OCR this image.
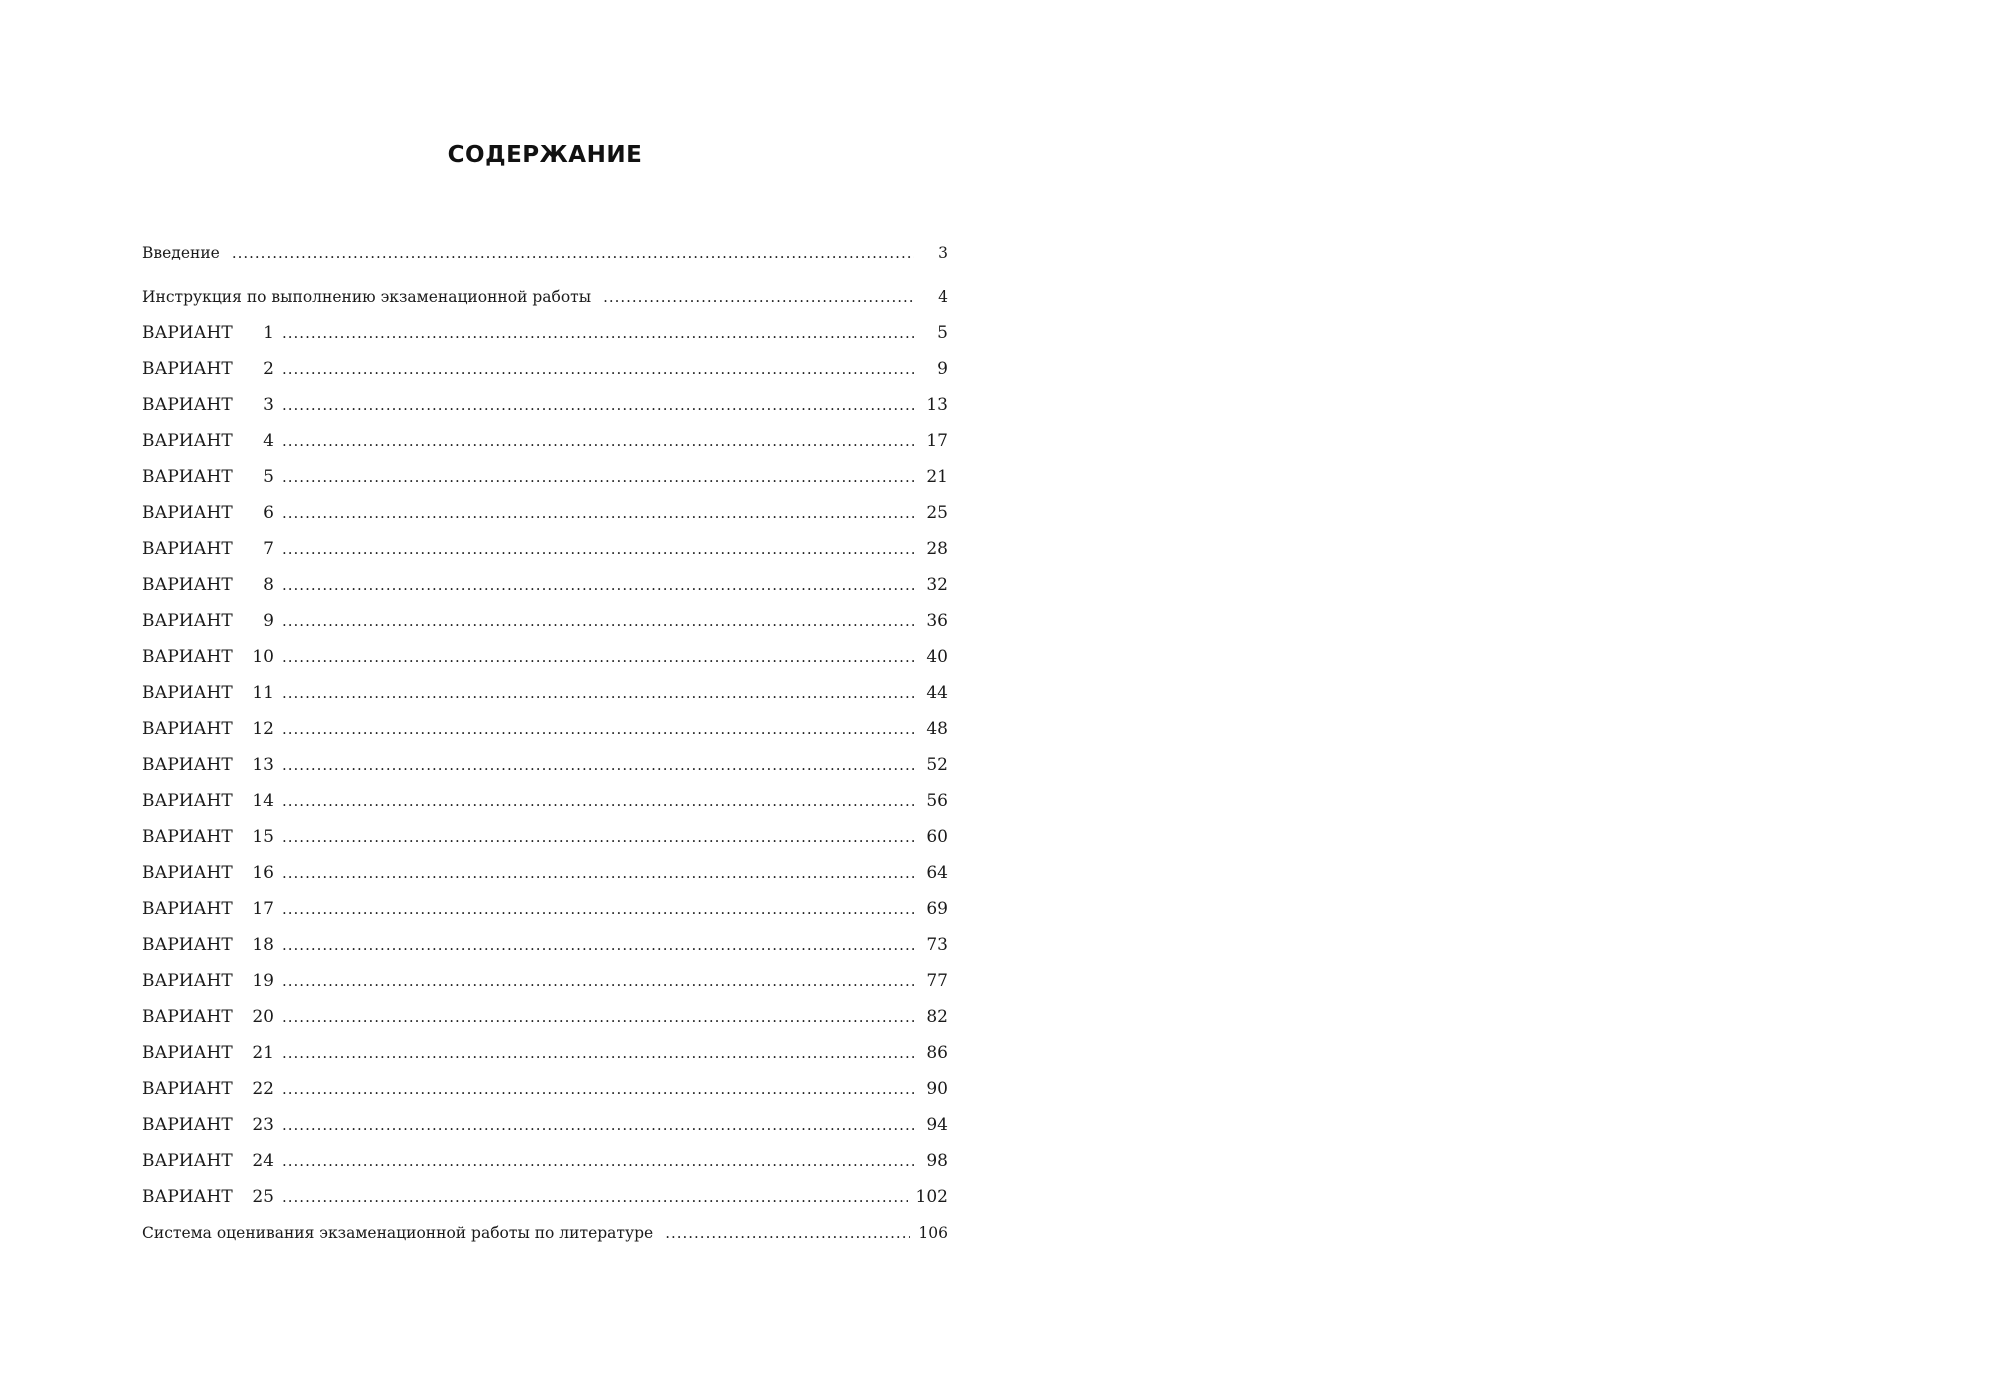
СОДЕРЖАНИЕ
Введение .....	3
Инструкция по выполнению экзаменационной работы .....	4
ВАРИАНТ	1 .....	5
ВАРИАНТ	2 .....	9
ВАРИАНТ	3 .....	13
ВАРИАНТ	4 .....	17
ВАРИАНТ	5 .....	21
ВАРИАНТ	6 .....	25
ВАРИАНТ	7 .....	28
ВАРИАНТ	8 .....	32
ВАРИАНТ	9 .....	36
ВАРИАНТ	10 .....	40
ВАРИАНТ	11 .....	44
ВАРИАНТ	12 .....	48
ВАРИАНТ	13 .....	52
ВАРИАНТ	14 .....	56
ВАРИАНТ	15 .....	60
ВАРИАНТ	16 .....	64
ВАРИАНТ	17 .....	69
ВАРИАНТ	18 .....	73
ВАРИАНТ	19 .....	77
ВАРИАНТ	20 .....	82
ВАРИАНТ	21 .....	86
ВАРИАНТ	22 .....	90
ВАРИАНТ	23 .....	94
ВАРИАНТ	24 .....	98
ВАРИАНТ	25 .....	102
Система оценивания экзаменационной работы по литературе .....	106
